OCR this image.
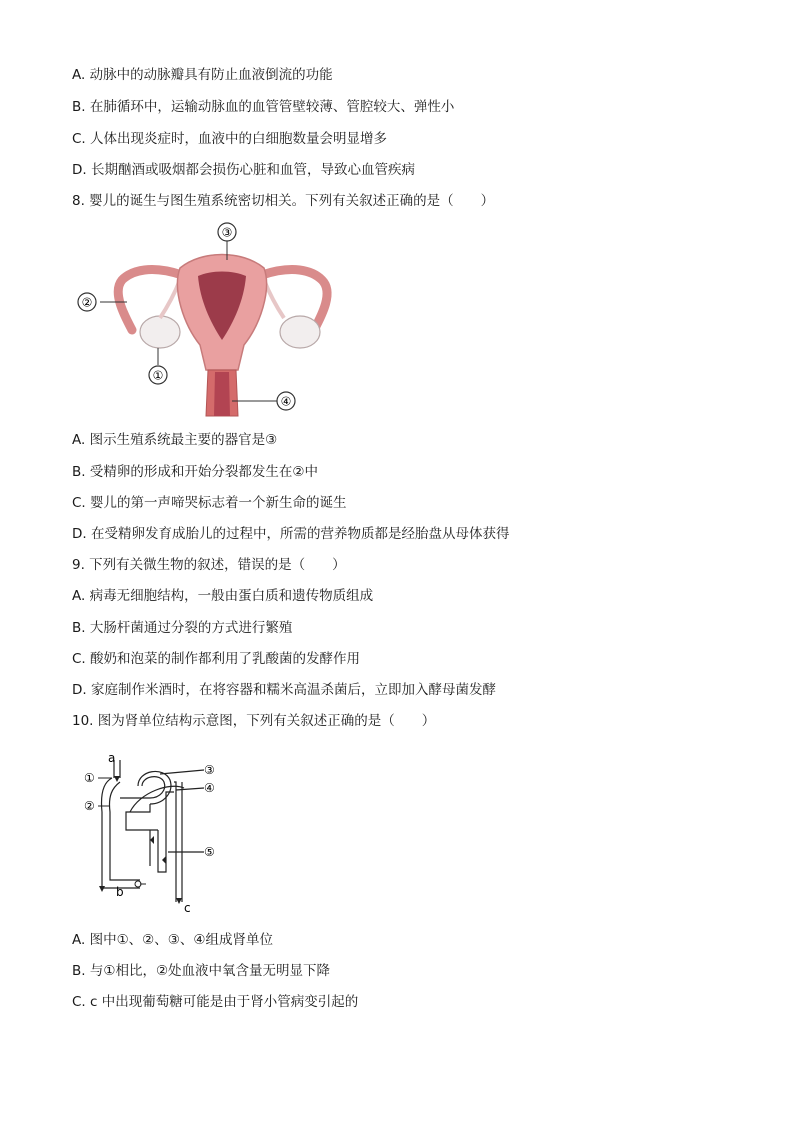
A. 动脉中的动脉瓣具有防止血液倒流的功能
B. 在肺循环中，运输动脉血的血管管壁较薄、管腔较大、弹性小
C. 人体出现炎症时，血液中的白细胞数量会明显增多
D. 长期酗酒或吸烟都会损伤心脏和血管，导致心血管疾病
8. 婴儿的诞生与图生殖系统密切相关。下列有关叙述正确的是（　　）
③
②
①
④
A. 图示生殖系统最主要的器官是③
B. 受精卵的形成和开始分裂都发生在②中
C. 婴儿的第一声啼哭标志着一个新生命的诞生
D. 在受精卵发育成胎儿的过程中，所需的营养物质都是经胎盘从母体获得
9. 下列有关微生物的叙述，错误的是（　　）
A. 病毒无细胞结构，一般由蛋白质和遗传物质组成
B. 大肠杆菌通过分裂的方式进行繁殖
C. 酸奶和泡菜的制作都利用了乳酸菌的发酵作用
D. 家庭制作米酒时，在将容器和糯米高温杀菌后，立即加入酵母菌发酵
10. 图为肾单位结构示意图，下列有关叙述正确的是（　　）
a
①
②
③
④
⑤
b
c
A. 图中①、②、③、④组成肾单位
B. 与①相比，②处血液中氧含量无明显下降
C. c 中出现葡萄糖可能是由于肾小管病变引起的
